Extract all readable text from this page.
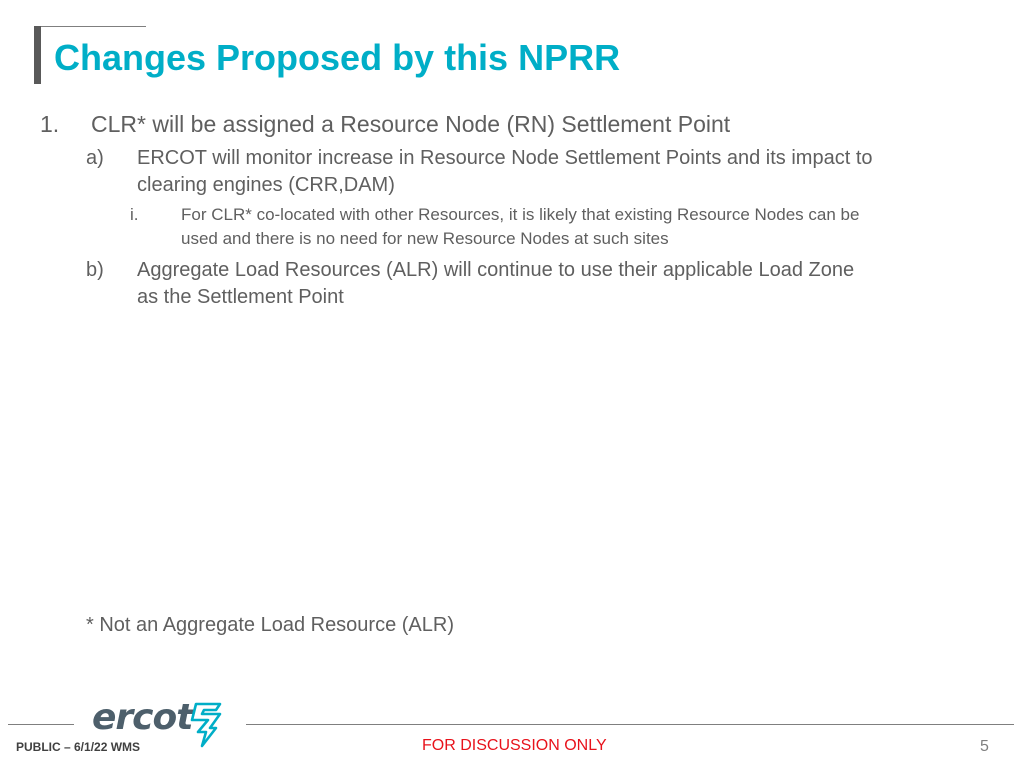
Changes Proposed by this NPRR
1. CLR* will be assigned a Resource Node (RN) Settlement Point
a) ERCOT will monitor increase in Resource Node Settlement Points and its impact to
clearing engines (CRR,DAM)
i.	For CLR* co-located with other Resources, it is likely that existing Resource Nodes can be
used and there is no need for new Resource Nodes at such sites
b) Aggregate Load Resources (ALR) will continue to use their applicable Load Zone
as the Settlement Point
* Not an Aggregate Load Resource (ALR)
ercot
PUBLIC – 6/1/22 WMS	FOR DISCUSSION ONLY	5
